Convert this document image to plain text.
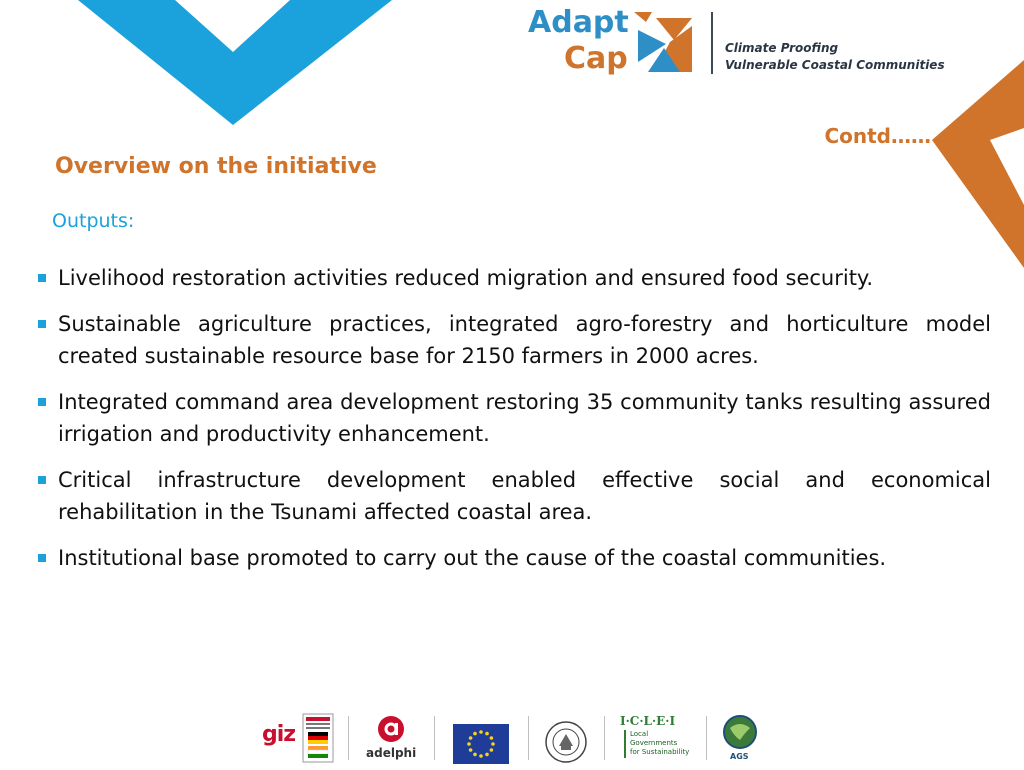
Adapt
Cap	Climate Proofing
Vulnerable Coastal Communities
Contd……
Overview on the initiative
Outputs:
Livelihood restoration activities reduced migration and ensured food security.
Sustainable agriculture practices, integrated agro-forestry and horticulture model created sustainable resource base for 2150 farmers in 2000 acres.
Integrated command area development restoring 35 community tanks resulting assured irrigation and productivity enhancement.
Critical infrastructure development enabled effective social and economical rehabilitation in the Tsunami affected coastal area.
Institutional base promoted to carry out the cause of the coastal communities.
giz
adelphi
I·C·L·E·I
Local
Governments
for Sustainability	AGS
